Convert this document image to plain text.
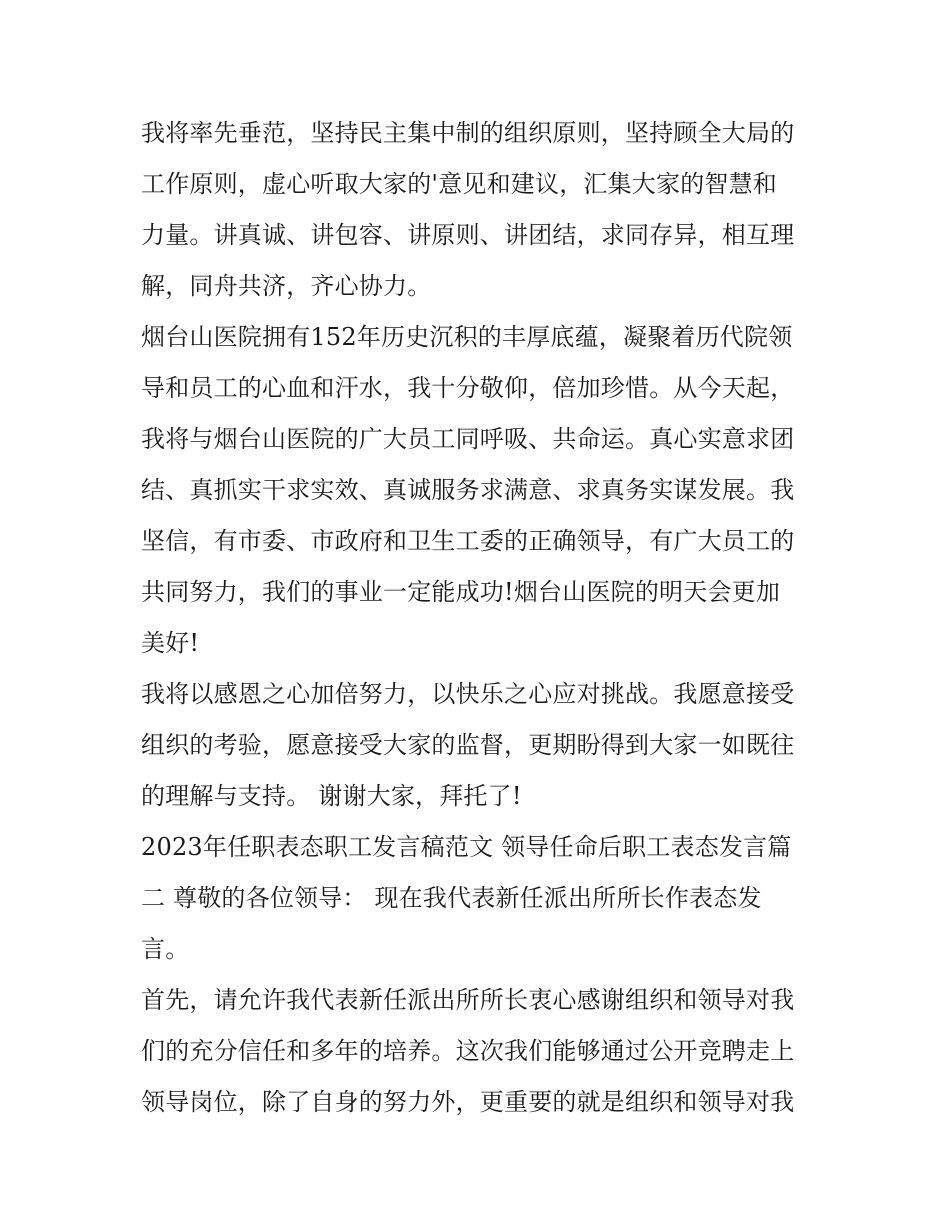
我将率先垂范，坚持民主集中制的组织原则，坚持顾全大局的
工作原则，虚心听取大家的'意见和建议，汇集大家的智慧和
力量。讲真诚、讲包容、讲原则、讲团结，求同存异，相互理
解，同舟共济，齐心协力。
烟台山医院拥有152年历史沉积的丰厚底蕴，凝聚着历代院领
导和员工的心血和汗水，我十分敬仰，倍加珍惜。从今天起，
我将与烟台山医院的广大员工同呼吸、共命运。真心实意求团
结、真抓实干求实效、真诚服务求满意、求真务实谋发展。我
坚信，有市委、市政府和卫生工委的正确领导，有广大员工的
共同努力，我们的事业一定能成功!烟台山医院的明天会更加
美好!
我将以感恩之心加倍努力，以快乐之心应对挑战。我愿意接受
组织的考验，愿意接受大家的监督，更期盼得到大家一如既往
的理解与支持。 谢谢大家，拜托了!
2023年任职表态职工发言稿范文 领导任命后职工表态发言篇
二 尊敬的各位领导： 现在我代表新任派出所所长作表态发
言。
首先，请允许我代表新任派出所所长衷心感谢组织和领导对我
们的充分信任和多年的培养。这次我们能够通过公开竞聘走上
领导岗位，除了自身的努力外，更重要的就是组织和领导对我
